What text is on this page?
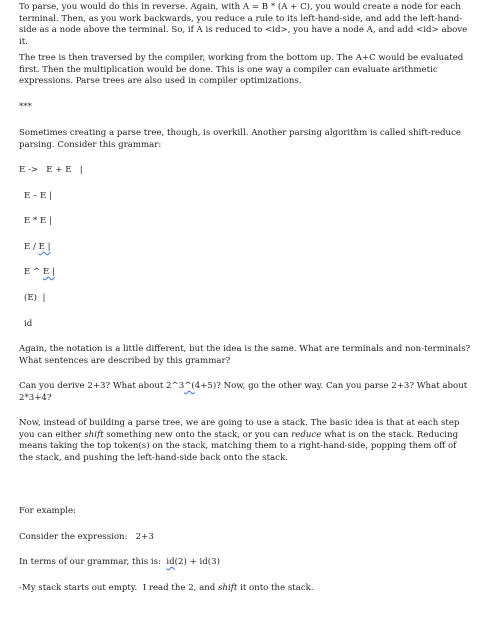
To parse, you would do this in reverse. Again, with A = B * (A + C), you would create a node for each terminal. Then, as you work backwards, you reduce a rule to its left-hand-side, and add the left-hand-side as a node above the terminal. So, if A is reduced to <id>, you have a node A, and add <id> above it.

The tree is then traversed by the compiler, working from the bottom up. The A+C would be evaluated first. Then the multiplication would be done. This is one way a compiler can evaluate arithmetic expressions. Parse trees are also used in compiler optimizations.

***

Sometimes creating a parse tree, though, is overkill. Another parsing algorithm is called shift-reduce parsing. Consider this grammar:

E ->   E + E   |

E – E |

E * E |

E / E |

E ^ E |

(E)  |

id

Again, the notation is a little different, but the idea is the same. What are terminals and non-terminals? What sentences are described by this grammar?

Can you derive 2+3? What about 2^3^(4+5)? Now, go the other way. Can you parse 2+3? What about 2*3+4?

Now, instead of building a parse tree, we are going to use a stack. The basic idea is that at each step you can either shift something new onto the stack, or you can reduce what is on the stack. Reducing means taking the top token(s) on the stack, matching them to a right-hand-side, popping them off of the stack, and pushing the left-hand-side back onto the stack.

For example:

Consider the expression:   2+3

In terms of our grammar, this is:  id(2) + id(3)

-My stack starts out empty.  I read the 2, and shift it onto the stack.
